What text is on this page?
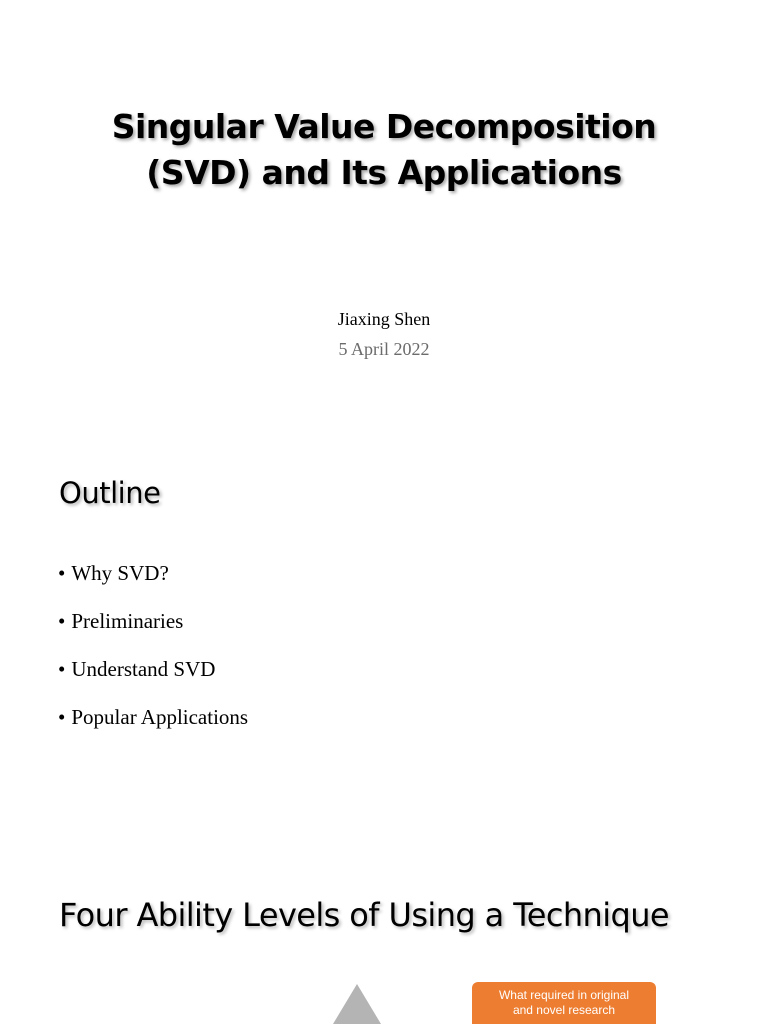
Singular Value Decomposition
(SVD) and Its Applications
Jiaxing Shen
5 April 2022
Outline
• Why SVD?
• Preliminaries
• Understand SVD
• Popular Applications
Four Ability Levels of Using a Technique
What required in original
and novel research
